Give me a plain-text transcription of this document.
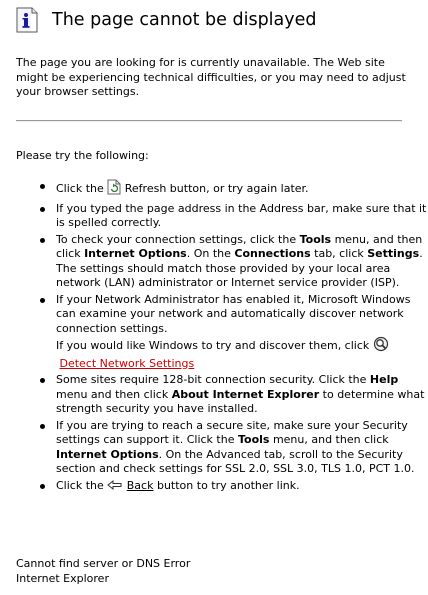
The page cannot be displayed
The page you are looking for is currently unavailable. The Web site might be experiencing technical difficulties, or you may need to adjust your browser settings.
Please try the following:
Click the  Refresh button, or try again later.
If you typed the page address in the Address bar, make sure that it is spelled correctly.
To check your connection settings, click the Tools menu, and then click Internet Options. On the Connections tab, click Settings. The settings should match those provided by your local area network (LAN) administrator or Internet service provider (ISP).
If your Network Administrator has enabled it, Microsoft Windows can examine your network and automatically discover network connection settings.
If you would like Windows to try and discover them, click  Detect Network Settings
Some sites require 128-bit connection security. Click the Help menu and then click About Internet Explorer to determine what strength security you have installed.
If you are trying to reach a secure site, make sure your Security settings can support it. Click the Tools menu, and then click Internet Options. On the Advanced tab, scroll to the Security section and check settings for SSL 2.0, SSL 3.0, TLS 1.0, PCT 1.0.
Click the  Back button to try another link.
Cannot find server or DNS Error
Internet Explorer
